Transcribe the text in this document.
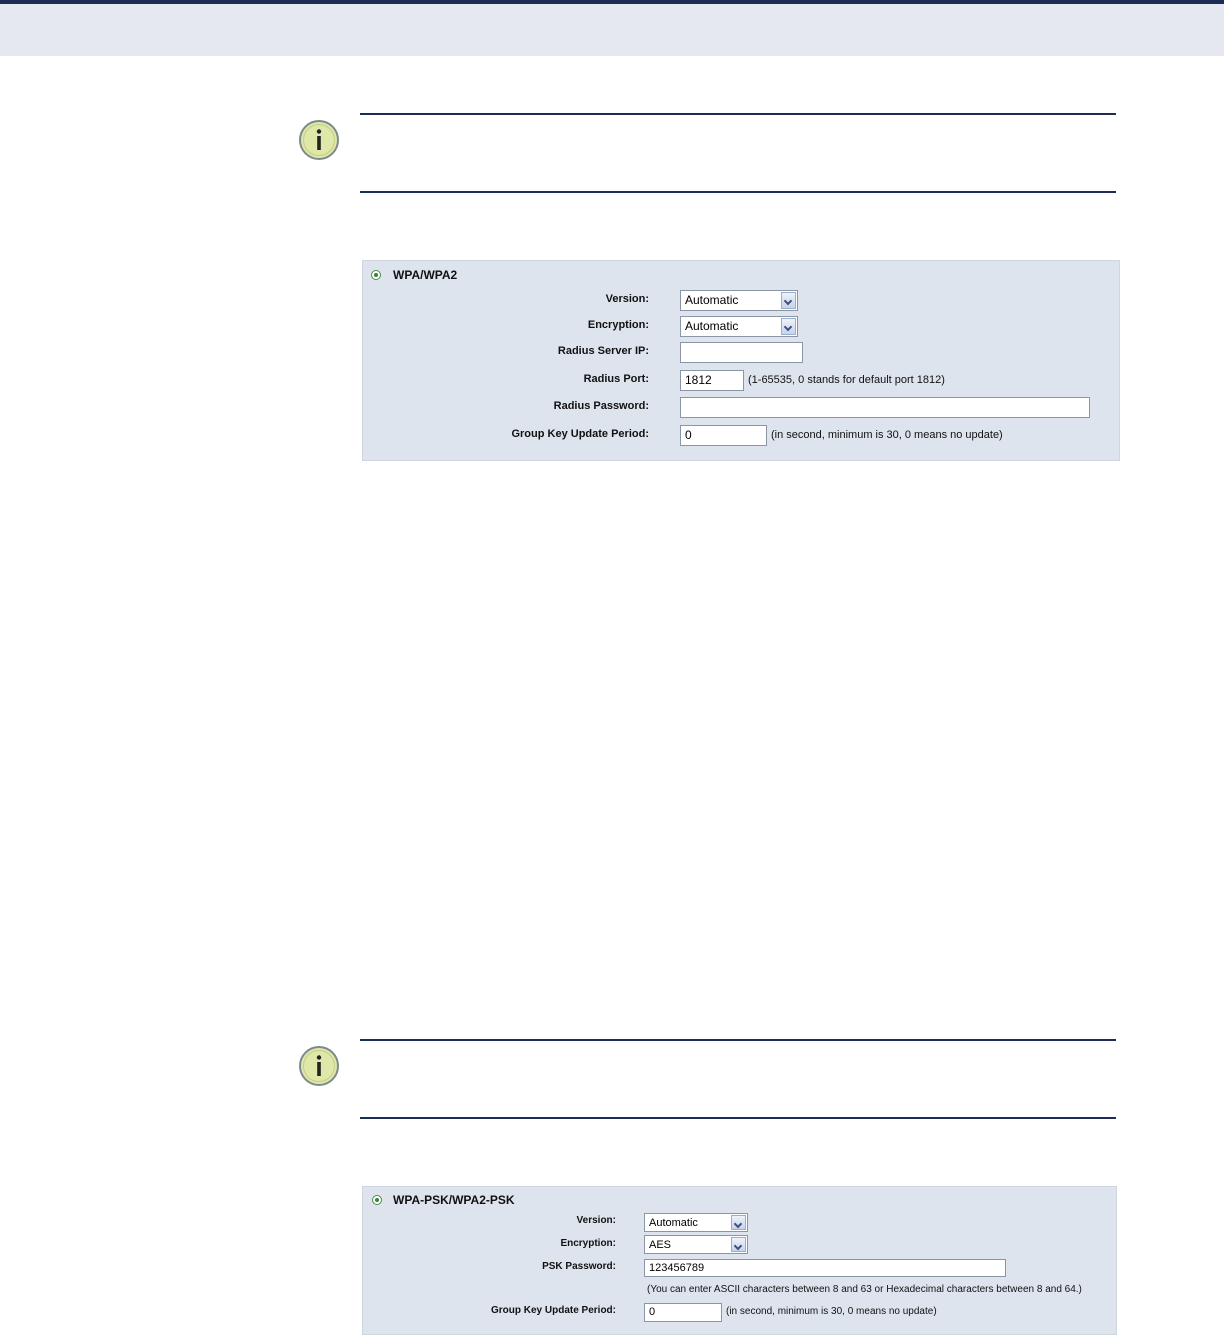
WPA/WPA2
Version:	Automatic
Encryption:	Automatic
Radius Server IP:
Radius Port:	1812	(1-65535, 0 stands for default port 1812)
Radius Password:
Group Key Update Period:	0	(in second, minimum is 30, 0 means no update)
WPA-PSK/WPA2-PSK
Version:	Automatic
Encryption:	AES
PSK Password:	123456789
(You can enter ASCII characters between 8 and 63 or Hexadecimal characters between 8 and 64.)
Group Key Update Period:	0	(in second, minimum is 30, 0 means no update)
